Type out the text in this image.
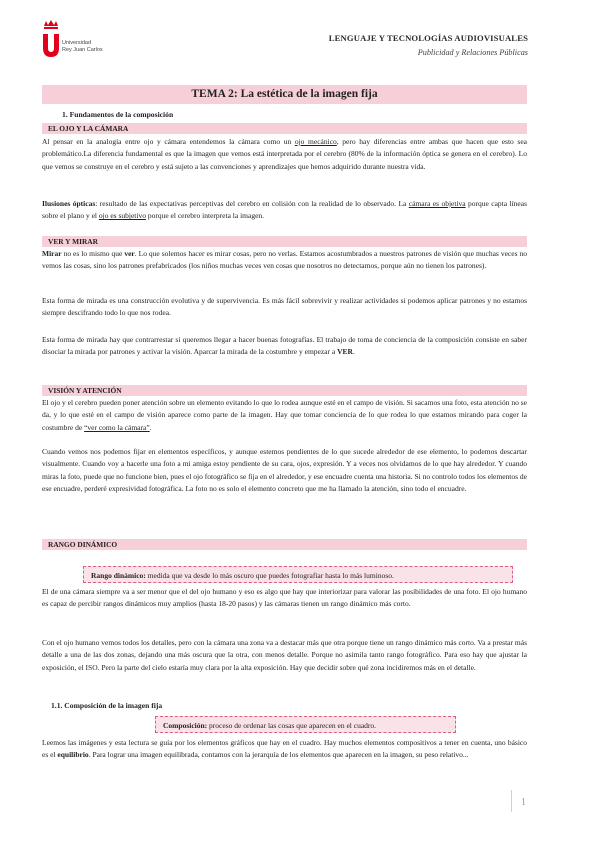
Universidad
Rey Juan Carlos
LENGUAJE Y TECNOLOGÍAS AUDIOVISUALES
Publicidad y Relaciones Públicas
TEMA 2: La estética de la imagen fija
1. Fundamentos de la composición
EL OJO Y LA CÁMARA
Al pensar en la analogía entre ojo y cámara entendemos la cámara como un ojo mecánico, pero hay diferencias entre ambas que hacen que esto sea problemático.La diferencia fundamental es que la imagen que vemos está interpretada por el cerebro (80% de la información óptica se genera en el cerebro). Lo que vemos se construye en el cerebro y está sujeto a las convenciones y aprendizajes que hemos adquirido durante nuestra vida.
Ilusiones ópticas: resultado de las expectativas perceptivas del cerebro en colisión con la realidad de lo observado. La cámara es objetiva porque capta líneas sobre el plano y el ojo es subjetivo porque el cerebro interpreta la imagen.
VER Y MIRAR
Mirar no es lo mismo que ver. Lo que solemos hacer es mirar cosas, pero no verlas. Estamos acostumbrados a nuestros patrones de visión que muchas veces no vemos las cosas, sino los patrones prefabricados (los niños muchas veces ven cosas que nosotros no detectamos, porque aún no tienen los patrones).
Esta forma de mirada es una construcción evolutiva y de supervivencia. Es más fácil sobrevivir y realizar actividades si podemos aplicar patrones y no estamos siempre descifrando todo lo que nos rodea.
Esta forma de mirada hay que contrarrestar si queremos llegar a hacer buenas fotografías. El trabajo de toma de conciencia de la composición consiste en saber disociar la mirada por patrones y activar la visión. Aparcar la mirada de la costumbre y empezar a VER.
VISIÓN Y ATENCIÓN
El ojo y el cerebro pueden poner atención sobre un elemento evitando lo que lo rodea aunque esté en el campo de visión. Si sacamos una foto, esta atención no se da, y lo que esté en el campo de visión aparece como parte de la imagen. Hay que tomar conciencia de lo que rodea lo que estamos mirando para coger la costumbre de “ver como la cámara”.
Cuando vemos nos podemos fijar en elementos específicos, y aunque estemos pendientes de lo que sucede alrededor de ese elemento, lo podemos descartar visualmente. Cuando voy a hacerle una foto a mi amiga estoy pendiente de su cara, ojos, expresión. Y a veces nos olvidamos de lo que hay alrededor. Y cuando miras la foto, puede que no funcione bien, pues el ojo fotográfico se fija en el alrededor, y ese encuadre cuenta una historia. Si no controlo todos los elementos de ese encuadre, perderé expresividad fotográfica. La foto no es solo el elemento concreto que me ha llamado la atención, sino todo el encuadre.
RANGO DINÁMICO
Rango dinámico: medida que va desde lo más oscuro que puedes fotografiar hasta lo más luminoso.
El de una cámara siempre va a ser menor que el del ojo humano y eso es algo que hay que interiorizar para valorar las posibilidades de una foto. El ojo humano es capaz de percibir rangos dinámicos muy amplios (hasta 18-20 pasos) y las cámaras tienen un rango dinámico más corto.
Con el ojo humano vemos todos los detalles, pero con la cámara una zona va a destacar más que otra porque tiene un rango dinámico más corto. Va a prestar más detalle a una de las dos zonas, dejando una más oscura que la otra, con menos detalle. Porque no asimila tanto rango fotográfico. Para eso hay que ajustar la exposición, el ISO. Pero la parte del cielo estaría muy clara por la alta exposición. Hay que decidir sobre qué zona incidiremos más en el detalle.
1.1. Composición de la imagen fija
Composición: proceso de ordenar las cosas que aparecen en el cuadro.
Leemos las imágenes y esta lectura se guía por los elementos gráficos que hay en el cuadro. Hay muchos elementos compositivos a tener en cuenta, uno básico es el equilibrio. Para lograr una imagen equilibrada, contamos con la jerarquía de los elementos que aparecen en la imagen, su peso relativo...
1
